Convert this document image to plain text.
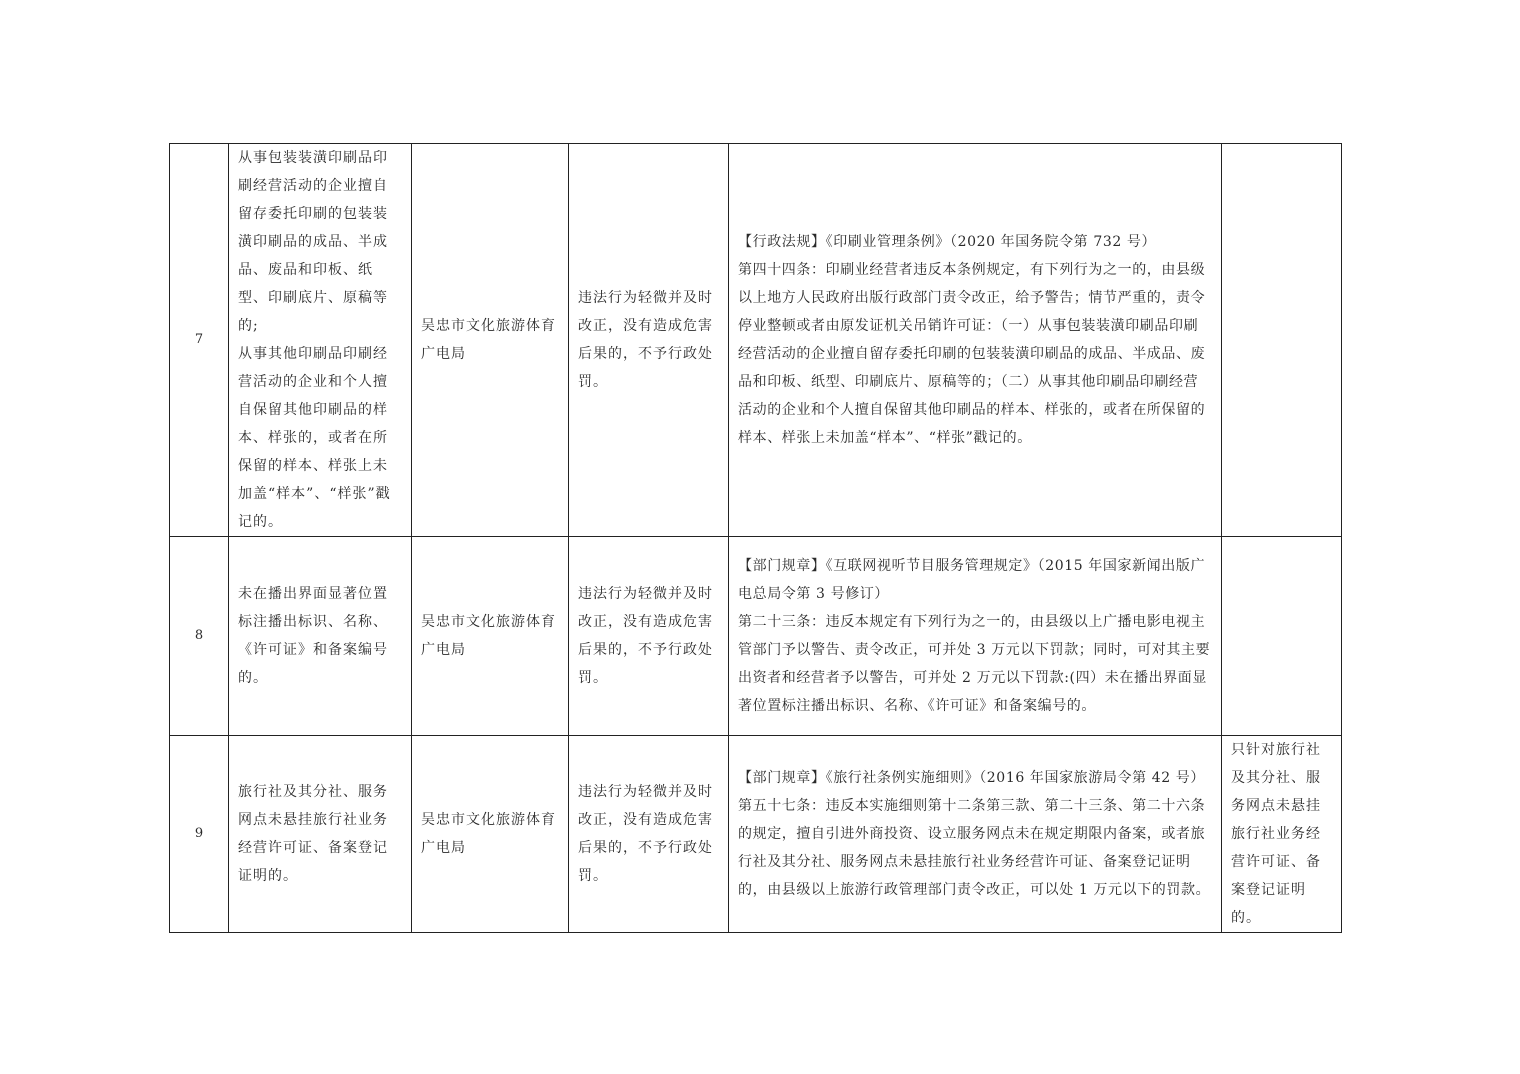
7	从事包装装潢印刷品印刷经营活动的企业擅自留存委托印刷的包装装潢印刷品的成品、半成品、废品和印板、纸型、印刷底片、原稿等的;
从事其他印刷品印刷经营活动的企业和个人擅自保留其他印刷品的样本、样张的，或者在所保留的样本、样张上未加盖“样本”、“样张”戳记的。	吴忠市文化旅游体育广电局	违法行为轻微并及时改正，没有造成危害后果的，不予行政处罚。	【行政法规】《印刷业管理条例》（2020 年国务院令第 732 号）
第四十四条：印刷业经营者违反本条例规定，有下列行为之一的，由县级以上地方人民政府出版行政部门责令改正，给予警告；情节严重的，责令停业整顿或者由原发证机关吊销许可证：（一）从事包装装潢印刷品印刷经营活动的企业擅自留存委托印刷的包装装潢印刷品的成品、半成品、废品和印板、纸型、印刷底片、原稿等的；（二）从事其他印刷品印刷经营活动的企业和个人擅自保留其他印刷品的样本、样张的，或者在所保留的样本、样张上未加盖“样本”、“样张”戳记的。	

8	未在播出界面显著位置标注播出标识、名称、《许可证》和备案编号的。	吴忠市文化旅游体育广电局	违法行为轻微并及时改正，没有造成危害后果的，不予行政处罚。	【部门规章】《互联网视听节目服务管理规定》（2015 年国家新闻出版广电总局令第 3 号修订）
第二十三条：违反本规定有下列行为之一的，由县级以上广播电影电视主管部门予以警告、责令改正，可并处 3 万元以下罚款；同时，可对其主要出资者和经营者予以警告，可并处 2 万元以下罚款:(四）未在播出界面显著位置标注播出标识、名称、《许可证》和备案编号的。	

9	旅行社及其分社、服务网点未悬挂旅行社业务经营许可证、备案登记证明的。	吴忠市文化旅游体育广电局	违法行为轻微并及时改正，没有造成危害后果的，不予行政处罚。	【部门规章】《旅行社条例实施细则》（2016 年国家旅游局令第 42 号）
第五十七条：违反本实施细则第十二条第三款、第二十三条、第二十六条的规定，擅自引进外商投资、设立服务网点未在规定期限内备案，或者旅行社及其分社、服务网点未悬挂旅行社业务经营许可证、备案登记证明的，由县级以上旅游行政管理部门责令改正，可以处 1 万元以下的罚款。	只针对旅行社及其分社、服务网点未悬挂旅行社业务经营许可证、备案登记证明的。
